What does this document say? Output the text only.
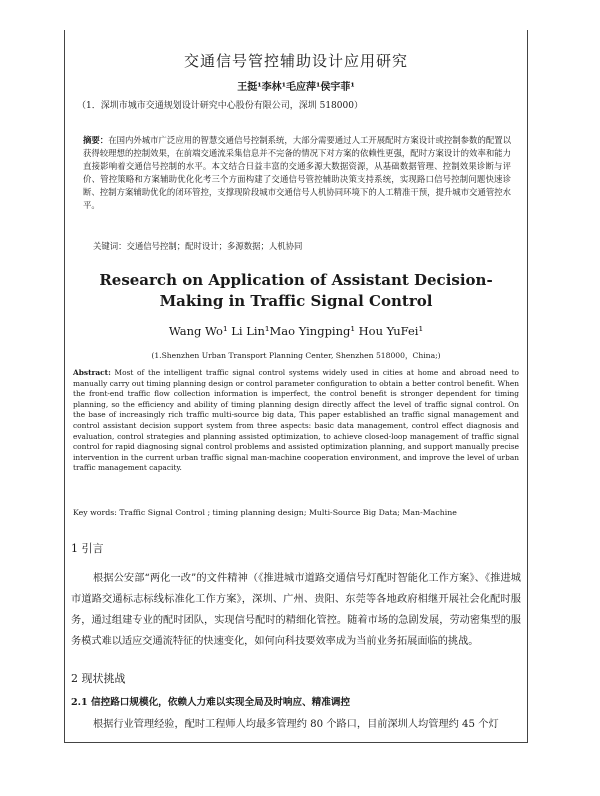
交通信号管控辅助设计应用研究
王挺¹李林¹毛应萍¹侯宇菲¹
（1．深圳市城市交通规划设计研究中心股份有限公司，深圳 518000）
摘要：在国内外城市广泛应用的智慧交通信号控制系统，大部分需要通过人工开展配时方案设计或控制参数的配置以获得较理想的控制效果，在前端交通流采集信息并不完备的情况下对方案的依赖性更强，配时方案设计的效率和能力直接影响着交通信号控制的水平。本文结合日益丰富的交通多源大数据资源，从基础数据管理、控制效果诊断与评价、管控策略和方案辅助优化化考三个方面构建了交通信号管控辅助决策支持系统，实现路口信号控制问题快速诊断、控制方案辅助优化的闭环管控，支撑现阶段城市交通信号人机协同环境下的人工精准干预，提升城市交通管控水平。
关键词：交通信号控制；配时设计；多源数据；人机协同
Research on Application of Assistant Decision-Making in Traffic Signal Control
Wang Wo¹ Li Lin¹Mao Yingping¹ Hou YuFei¹
(1.Shenzhen Urban Transport Planning Center, Shenzhen 518000，China;)
Abstract: Most of the intelligent traffic signal control systems widely used in cities at home and abroad need to manually carry out timing planning design or control parameter configuration to obtain a better control benefit. When the front-end traffic flow collection information is imperfect, the control benefit is stronger dependent for timing planning, so the efficiency and ability of timing planning design directly affect the level of traffic signal control. On the base of increasingly rich traffic multi-source big data, This paper established an traffic signal management and control assistant decision support system from three aspects: basic data management, control effect diagnosis and evaluation, control strategies and planning assisted optimization, to achieve closed-loop management of traffic signal control for rapid diagnosing signal control problems and assisted optimization planning, and support manually precise intervention in the current urban traffic signal man-machine cooperation environment, and improve the level of urban traffic management capacity.
Key words: Traffic Signal Control ; timing planning design; Multi-Source Big Data; Man-Machine
1 引言

根据公安部“两化一改”的文件精神（《推进城市道路交通信号灯配时智能化工作方案》、《推进城市道路交通标志标线标准化工作方案》，深圳、广州、贵阳、东莞等各地政府相继开展社会化配时服务，通过组建专业的配时团队，实现信号配时的精细化管控。随着市场的急剧发展，劳动密集型的服务模式难以适应交通流特征的快速变化，如何向科技要效率成为当前业务拓展面临的挑战。

2 现状挑战
2.1 信控路口规模化，依赖人力难以实现全局及时响应、精准调控
根据行业管理经验，配时工程师人均最多管理约 80 个路口，目前深圳人均管理约 45 个灯
